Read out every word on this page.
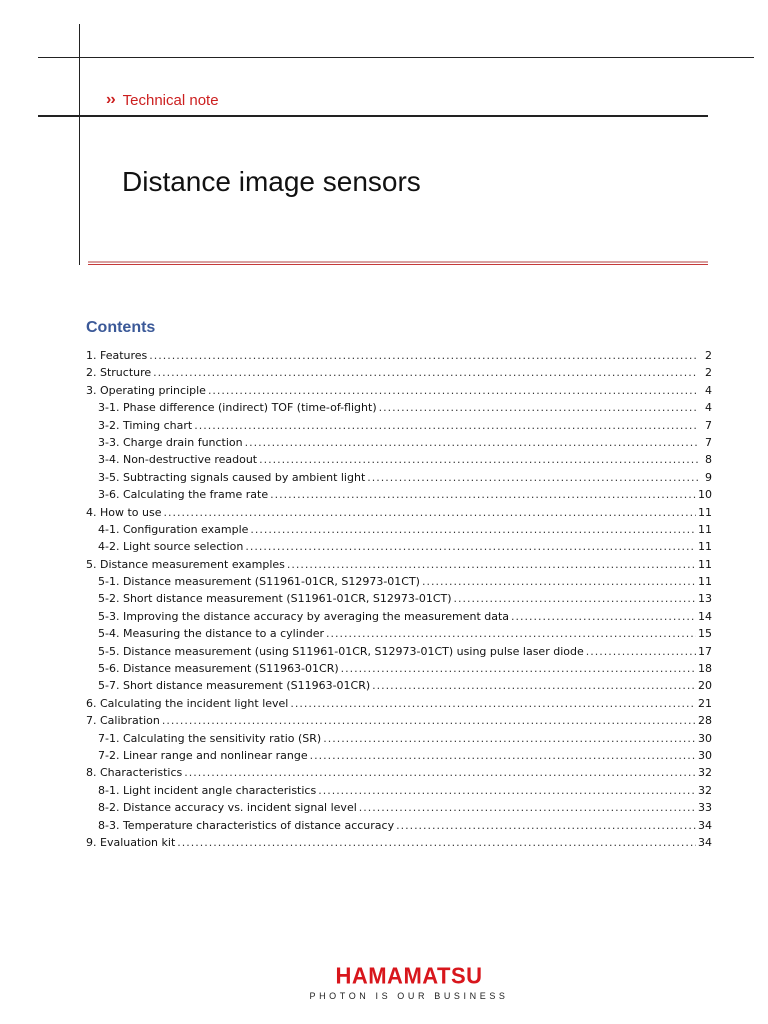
›› Technical note
Distance image sensors
Contents
1. Features .....	2
2. Structure .....	2
3. Operating principle .....	4
3-1. Phase difference (indirect) TOF (time-of-flight) .....	4
3-2. Timing chart .....	7
3-3. Charge drain function .....	7
3-4. Non-destructive readout .....	8
3-5. Subtracting signals caused by ambient light .....	9
3-6. Calculating the frame rate .....	10
4. How to use .....	11
4-1. Configuration example .....	11
4-2. Light source selection .....	11
5. Distance measurement examples .....	11
5-1. Distance measurement (S11961-01CR, S12973-01CT) .....	11
5-2. Short distance measurement (S11961-01CR, S12973-01CT) .....	13
5-3. Improving the distance accuracy by averaging the measurement data .....	14
5-4. Measuring the distance to a cylinder .....	15
5-5. Distance measurement (using S11961-01CR, S12973-01CT) using pulse laser diode .....	17
5-6. Distance measurement (S11963-01CR) .....	18
5-7. Short distance measurement (S11963-01CR) .....	20
6. Calculating the incident light level .....	21
7. Calibration .....	28
7-1. Calculating the sensitivity ratio (SR) .....	30
7-2. Linear range and nonlinear range .....	30
8. Characteristics .....	32
8-1. Light incident angle characteristics .....	32
8-2. Distance accuracy vs. incident signal level .....	33
8-3. Temperature characteristics of distance accuracy .....	34
9. Evaluation kit .....	34
HAMAMATSU
PHOTON IS OUR BUSINESS
